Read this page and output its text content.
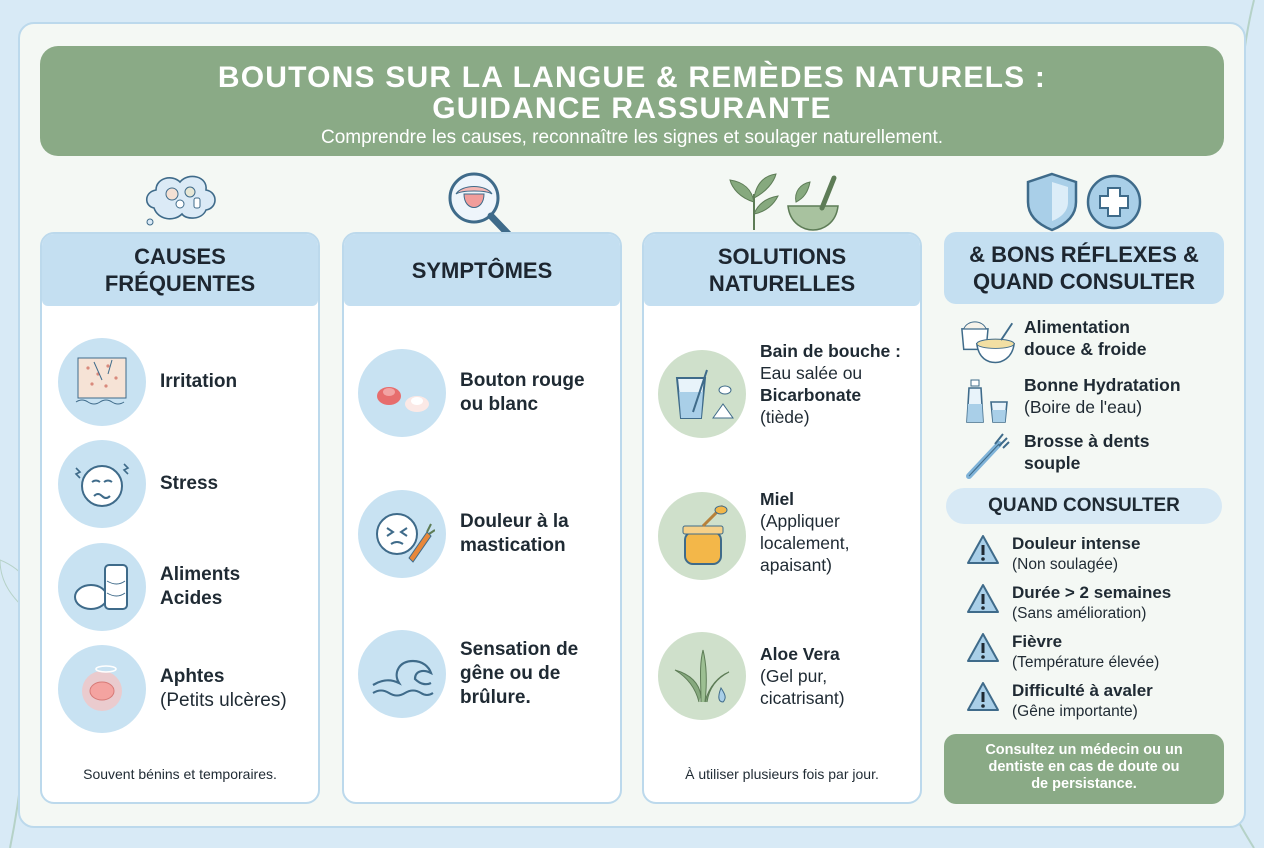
BOUTONS SUR LA LANGUE & REMÈDES NATURELS :
GUIDANCE RASSURANTE
Comprendre les causes, reconnaître les signes et soulager naturellement.
CAUSES
FRÉQUENTES
Souvent bénins et temporaires.
Irritation
Stress
Aliments
Acides
Aphtes
(Petits ulcères)
SYMPTÔMES
Bouton rouge
ou blanc
Douleur à la
mastication
Sensation de
gêne ou de
brûlure.
SOLUTIONS
NATURELLES
À utiliser plusieurs fois par jour.
Bain de bouche :
Eau salée ou
Bicarbonate
(tiède)
Miel
(Appliquer
localement,
apaisant)
Aloe Vera
(Gel pur,
cicatrisant)
& BONS RÉFLEXES &
QUAND CONSULTER
Alimentation
douce & froide
Bonne Hydratation
(Boire de l'eau)
Brosse à dents
souple
QUAND CONSULTER
Douleur intense
(Non soulagée)
Durée > 2 semaines
(Sans amélioration)
Fièvre
(Température élevée)
Difficulté à avaler
(Gêne importante)
Consultez un médecin ou un
dentiste en cas de doute ou
de persistance.
